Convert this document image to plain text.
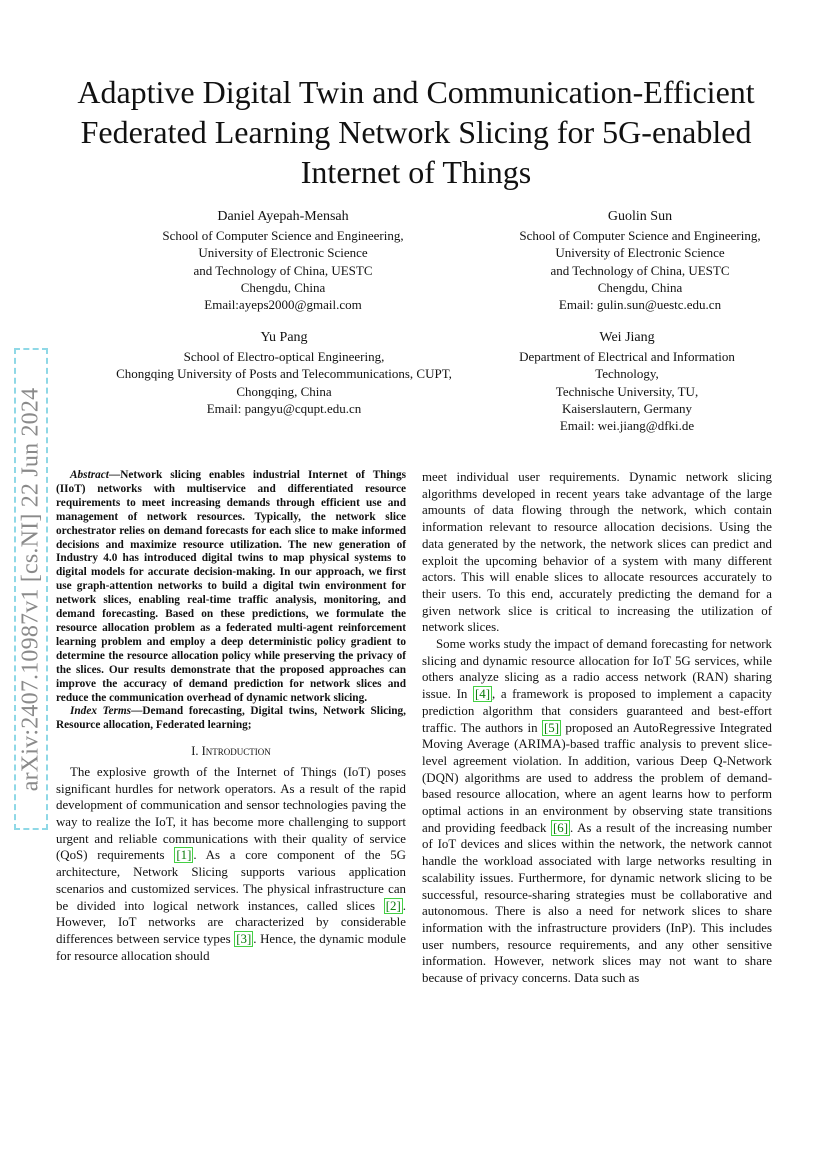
arXiv:2407.10987v1 [cs.NI] 22 Jun 2024
Adaptive Digital Twin and Communication-Efficient Federated Learning Network Slicing for 5G-enabled Internet of Things
Daniel Ayepah-Mensah
School of Computer Science and Engineering,
University of Electronic Science
and Technology of China, UESTC
Chengdu, China
Email:ayeps2000@gmail.com
Guolin Sun
School of Computer Science and Engineering,
University of Electronic Science
and Technology of China, UESTC
Chengdu, China
Email: gulin.sun@uestc.edu.cn
Yu Pang
School of Electro-optical Engineering,
Chongqing University of Posts and Telecommunications, CUPT,
Chongqing, China
Email: pangyu@cqupt.edu.cn
Wei Jiang
Department of Electrical and Information
Technology,
Technische University, TU,
Kaiserslautern, Germany
Email: wei.jiang@dfki.de

Abstract—Network slicing enables industrial Internet of Things (IIoT) networks with multiservice and differentiated resource requirements to meet increasing demands through efficient use and management of network resources. Typically, the network slice orchestrator relies on demand forecasts for each slice to make informed decisions and maximize resource utilization. The new generation of Industry 4.0 has introduced digital twins to map physical systems to digital models for accurate decision-making. In our approach, we first use graph-attention networks to build a digital twin environment for network slices, enabling real-time traffic analysis, monitoring, and demand forecasting. Based on these predictions, we formulate the resource allocation problem as a federated multi-agent reinforcement learning problem and employ a deep deterministic policy gradient to determine the resource allocation policy while preserving the privacy of the slices. Our results demonstrate that the proposed approaches can improve the accuracy of demand prediction for network slices and reduce the communication overhead of dynamic network slicing.

Index Terms—Demand forecasting, Digital twins, Network Slicing, Resource allocation, Federated learning;

I. Introduction

The explosive growth of the Internet of Things (IoT) poses significant hurdles for network operators. As a result of the rapid development of communication and sensor technologies paving the way to realize the IoT, it has become more challenging to support urgent and reliable communications with their quality of service (QoS) requirements [1] . As a core component of the 5G architecture, Network Slicing supports various application scenarios and customized services. The physical infrastructure can be divided into logical network instances, called slices [2] . However, IoT networks are characterized by considerable differences between service types [3] . Hence, the dynamic module for resource allocation should

meet individual user requirements. Dynamic network slicing algorithms developed in recent years take advantage of the large amounts of data flowing through the network, which contain information relevant to resource allocation decisions. Using the data generated by the network, the network slices can predict and exploit the upcoming behavior of a system with many different actors. This will enable slices to allocate resources accurately to their users. To this end, accurately predicting the demand for a given network slice is critical to increasing the utilization of network slices.

Some works study the impact of demand forecasting for network slicing and dynamic resource allocation for IoT 5G services, while others analyze slicing as a radio access network (RAN) sharing issue. In [4] , a framework is proposed to implement a capacity prediction algorithm that considers guaranteed and best-effort traffic. The authors in [5] proposed an AutoRegressive Integrated Moving Average (ARIMA)-based traffic analysis to prevent slice-level agreement violation. In addition, various Deep Q-Network (DQN) algorithms are used to address the problem of demand-based resource allocation, where an agent learns how to perform optimal actions in an environment by observing state transitions and providing feedback [6] . As a result of the increasing number of IoT devices and slices within the network, the network cannot handle the workload associated with large networks resulting in scalability issues. Furthermore, for dynamic network slicing to be successful, resource-sharing strategies must be collaborative and autonomous. There is also a need for network slices to share information with the infrastructure providers (InP). This includes user numbers, resource requirements, and any other sensitive information. However, network slices may not want to share because of privacy concerns. Data such as
